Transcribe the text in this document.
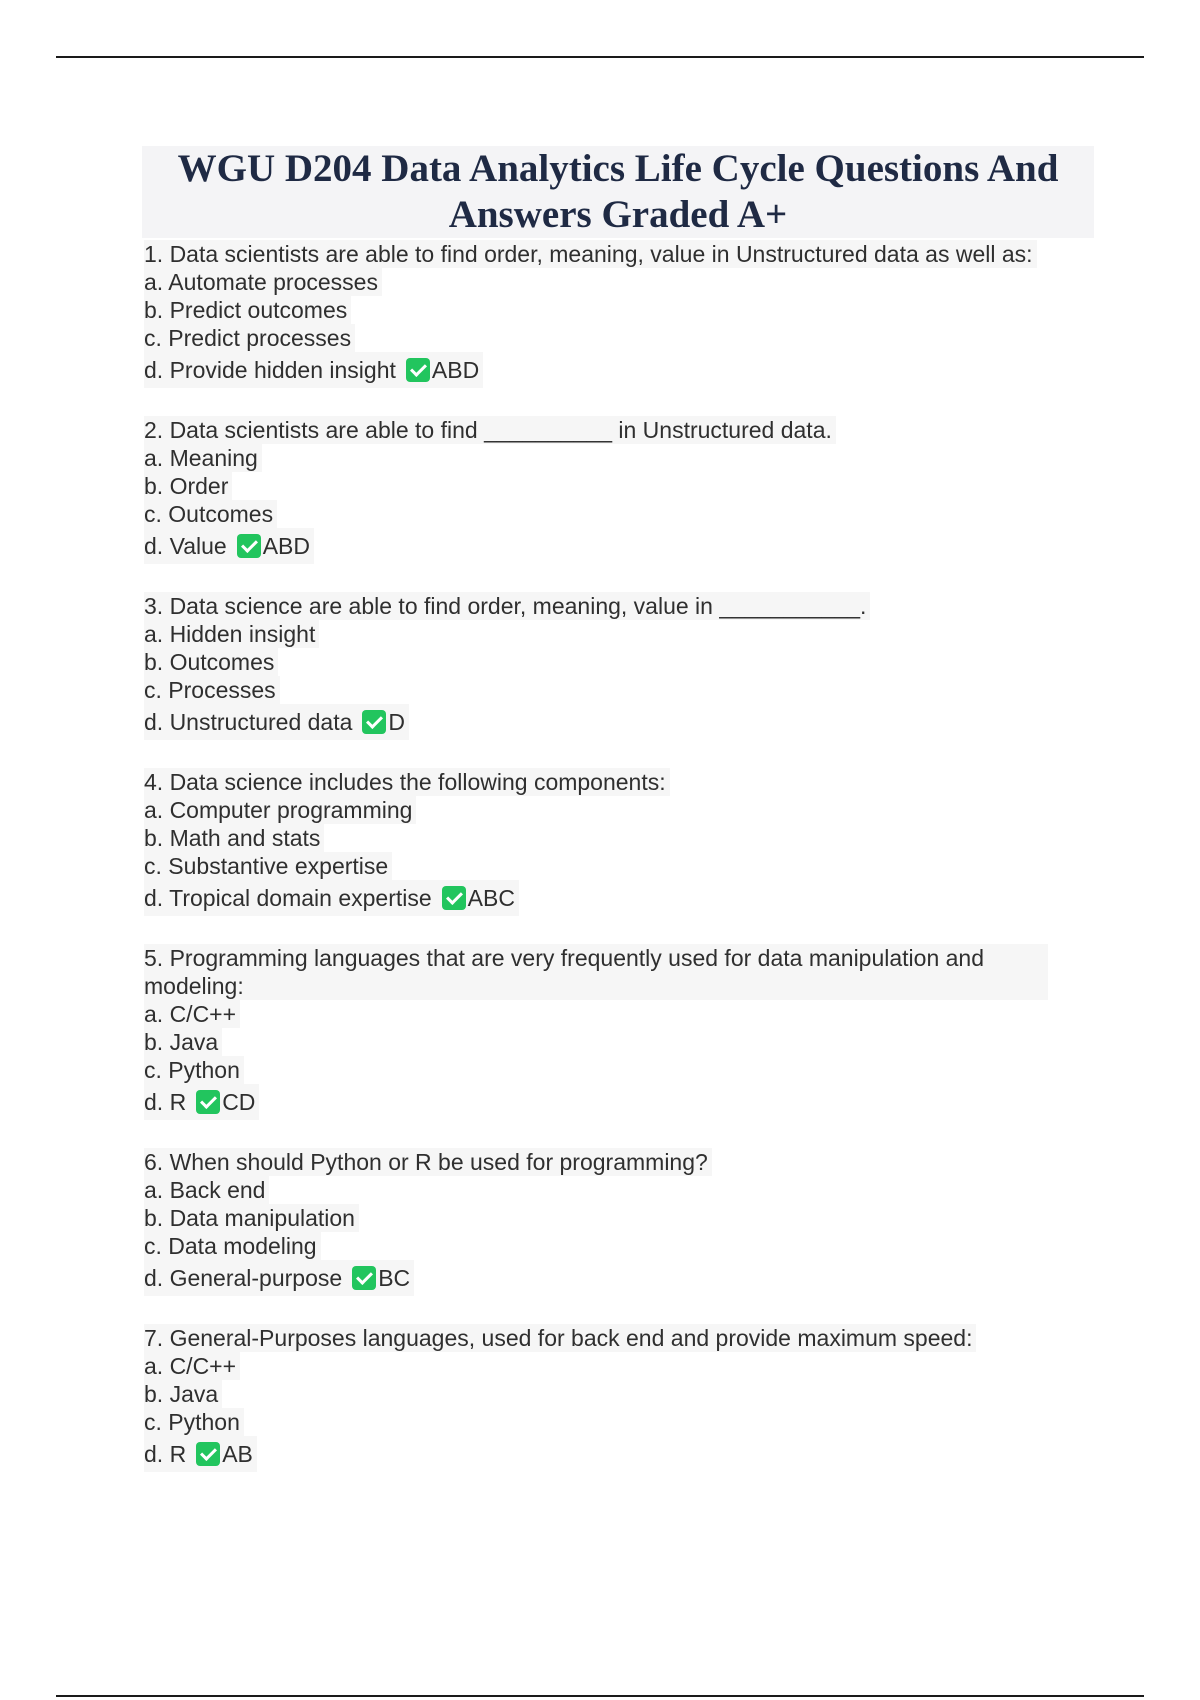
WGU D204 Data Analytics Life Cycle Questions And Answers Graded A+
1. Data scientists are able to find order, meaning, value in Unstructured data as well as:
a. Automate processes
b. Predict outcomes
c. Predict processes
d. Provide hidden insight ABD
2. Data scientists are able to find __________ in Unstructured data.
a. Meaning
b. Order
c. Outcomes
d. Value ABD
3. Data science are able to find order, meaning, value in ___________.
a. Hidden insight
b. Outcomes
c. Processes
d. Unstructured data D
4. Data science includes the following components:
a. Computer programming
b. Math and stats
c. Substantive expertise
d. Tropical domain expertise ABC
5. Programming languages that are very frequently used for data manipulation and modeling:
a. C/C++
b. Java
c. Python
d. R CD
6. When should Python or R be used for programming?
a. Back end
b. Data manipulation
c. Data modeling
d. General-purpose BC
7. General-Purposes languages, used for back end and provide maximum speed:
a. C/C++
b. Java
c. Python
d. R AB
